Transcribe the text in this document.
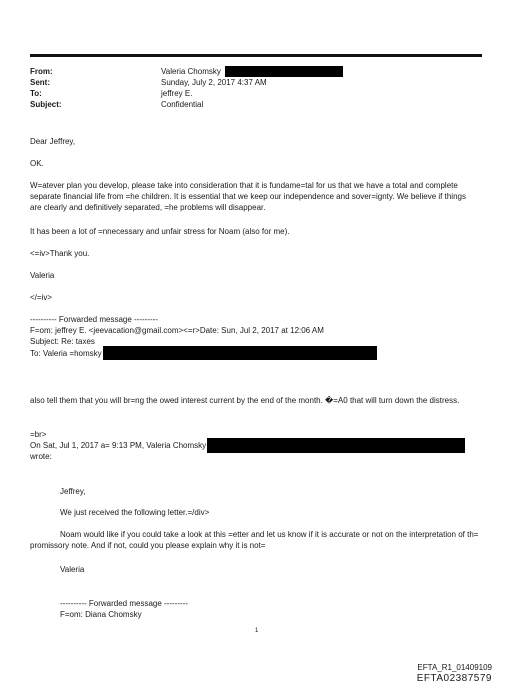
From:	Valeria Chomsky
Sent:	Sunday, July 2, 2017 4:37 AM
To:	jeffrey E.
Subject:	Confidential

Dear Jeffrey,

OK.

W=atever plan you develop, please take into consideration that it is fundame=tal for us that we have a total and complete separate financial life from =he children. It is essential that we keep our independence and sover=ignty. We believe if things are clearly and definitively separated, =he problems will disappear.

It has been a lot of =nnecessary and unfair stress for Noam (also for me).

<=iv>Thank you.

Valeria

</=iv>

---------- Forwarded message ---------

F=om: jeffrey E. <jeevacation@gmail.com><=r>Date: Sun, Jul 2, 2017 at 12:06 AM

Subject: Re: taxes

To: Valeria =homsky

also tell them that you will br=ng the owed interest current by the end of the month. �=A0 that will turn down the distress.

=br>

On Sat, Jul 1, 2017 a= 9:13 PM, Valeria Chomsky

wrote:

Jeffrey,

We just received the following letter.=/div>

Noam would like if you could take a look at this =etter and let us know if it is accurate or not on the interpretation of th= promissory note. And if not, could you please explain why it is not=

Valeria

---------- Forwarded message ---------

F=om: Diana Chomsky

1
EFTA_R1_01409109
EFTA02387579
